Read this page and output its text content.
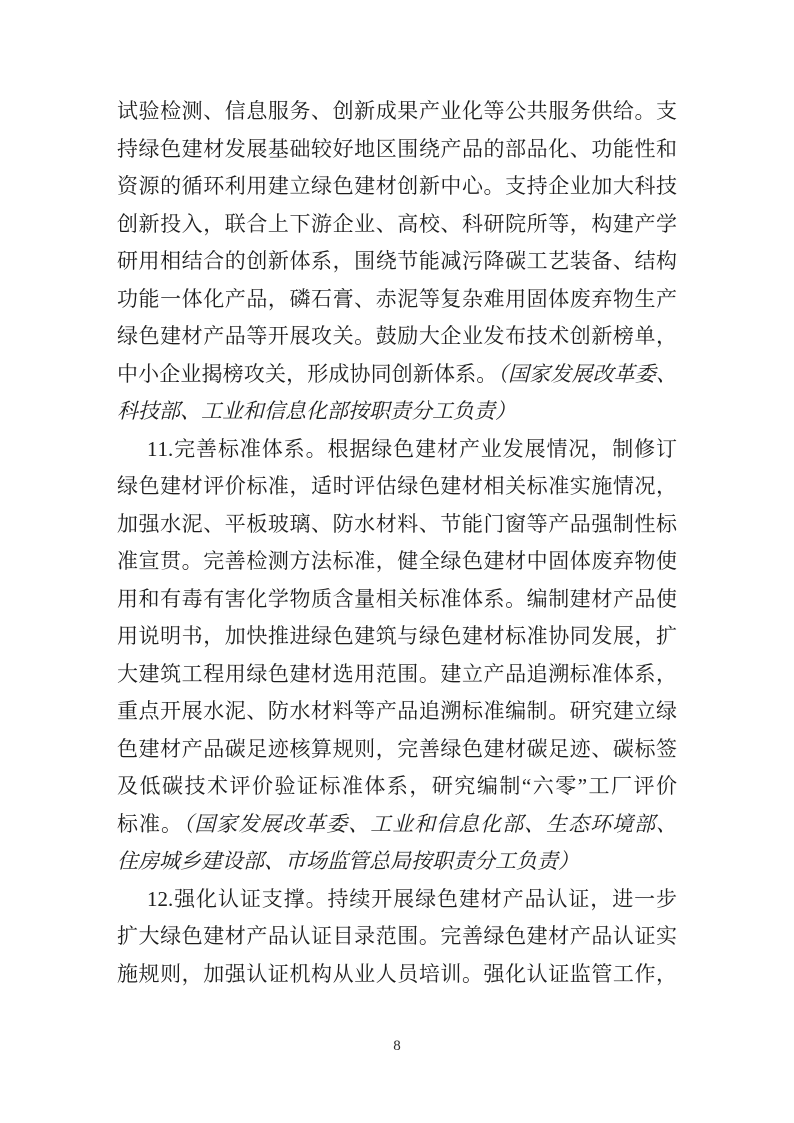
试验检测、信息服务、创新成果产业化等公共服务供给。支
持绿色建材发展基础较好地区围绕产品的部品化、功能性和
资源的循环利用建立绿色建材创新中心。支持企业加大科技
创新投入，联合上下游企业、高校、科研院所等，构建产学
研用相结合的创新体系，围绕节能减污降碳工艺装备、结构
功能一体化产品，磷石膏、赤泥等复杂难用固体废弃物生产
绿色建材产品等开展攻关。鼓励大企业发布技术创新榜单，
中小企业揭榜攻关，形成协同创新体系。（国家发展改革委、
科技部、工业和信息化部按职责分工负责）
11.完善标准体系。根据绿色建材产业发展情况，制修订
绿色建材评价标准，适时评估绿色建材相关标准实施情况，
加强水泥、平板玻璃、防水材料、节能门窗等产品强制性标
准宣贯。完善检测方法标准，健全绿色建材中固体废弃物使
用和有毒有害化学物质含量相关标准体系。编制建材产品使
用说明书，加快推进绿色建筑与绿色建材标准协同发展，扩
大建筑工程用绿色建材选用范围。建立产品追溯标准体系，
重点开展水泥、防水材料等产品追溯标准编制。研究建立绿
色建材产品碳足迹核算规则，完善绿色建材碳足迹、碳标签
及低碳技术评价验证标准体系，研究编制“六零”工厂评价
标准。（国家发展改革委、工业和信息化部、生态环境部、
住房城乡建设部、市场监管总局按职责分工负责）
12.强化认证支撑。持续开展绿色建材产品认证，进一步
扩大绿色建材产品认证目录范围。完善绿色建材产品认证实
施规则，加强认证机构从业人员培训。强化认证监管工作，
8
